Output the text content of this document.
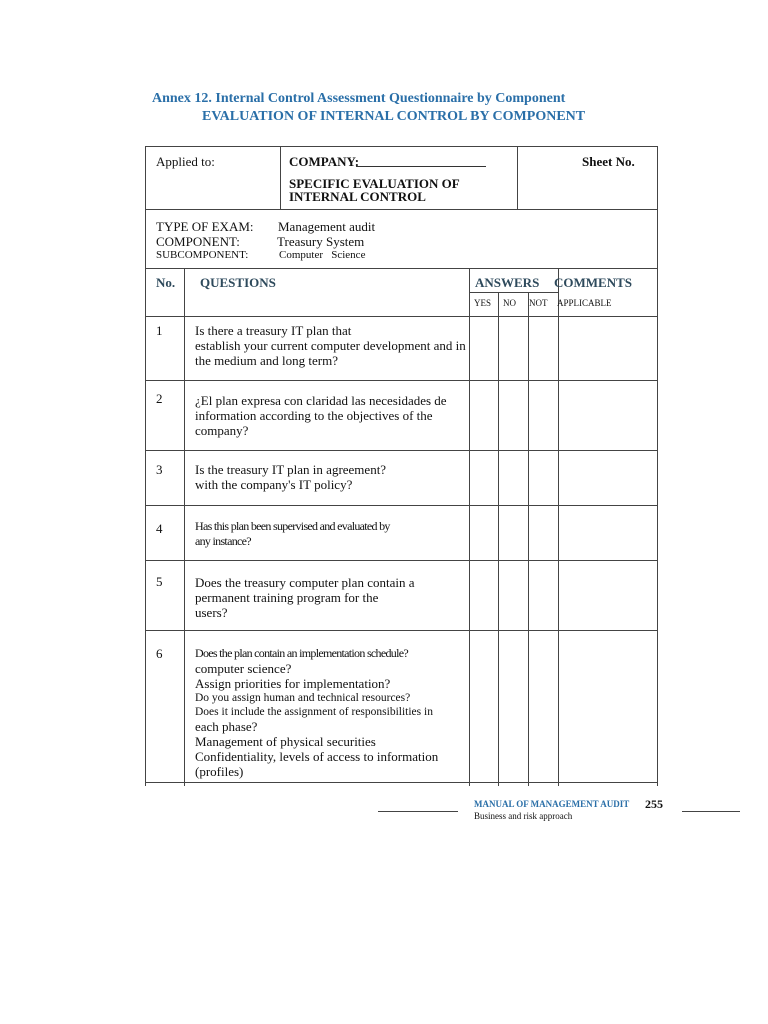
Annex 12. Internal Control Assessment Questionnaire by Component
EVALUATION OF INTERNAL CONTROL BY COMPONENT
Applied to:	COMPANY:
SPECIFIC EVALUATION OF
INTERNAL CONTROL
Sheet No.
TYPE OF EXAM: Management audit
COMPONENT:	Treasury System
SUBCOMPONENT:	Computer   Science
No. QUESTIONS	ANSWERS COMMENTS
YES NO NOT APPLICABLE
1	Is there a treasury IT plan that
establish your current computer development and in
the medium and long term?
2	¿El plan expresa con claridad las necesidades de
information according to the objectives of the
company?
3	Is the treasury IT plan in agreement?
with the company's IT policy?
4	Has this plan been supervised and evaluated by
any instance?
5	Does the treasury computer plan contain a
permanent training program for the
users?
6	Does the plan contain an implementation schedule?
computer science?
Assign priorities for implementation?
Do you assign human and technical resources?
Does it include the assignment of responsibilities in
each phase?
Management of physical securities
Confidentiality, levels of access to information
(profiles)
MANUAL OF MANAGEMENT AUDIT 255
Business and risk approach
